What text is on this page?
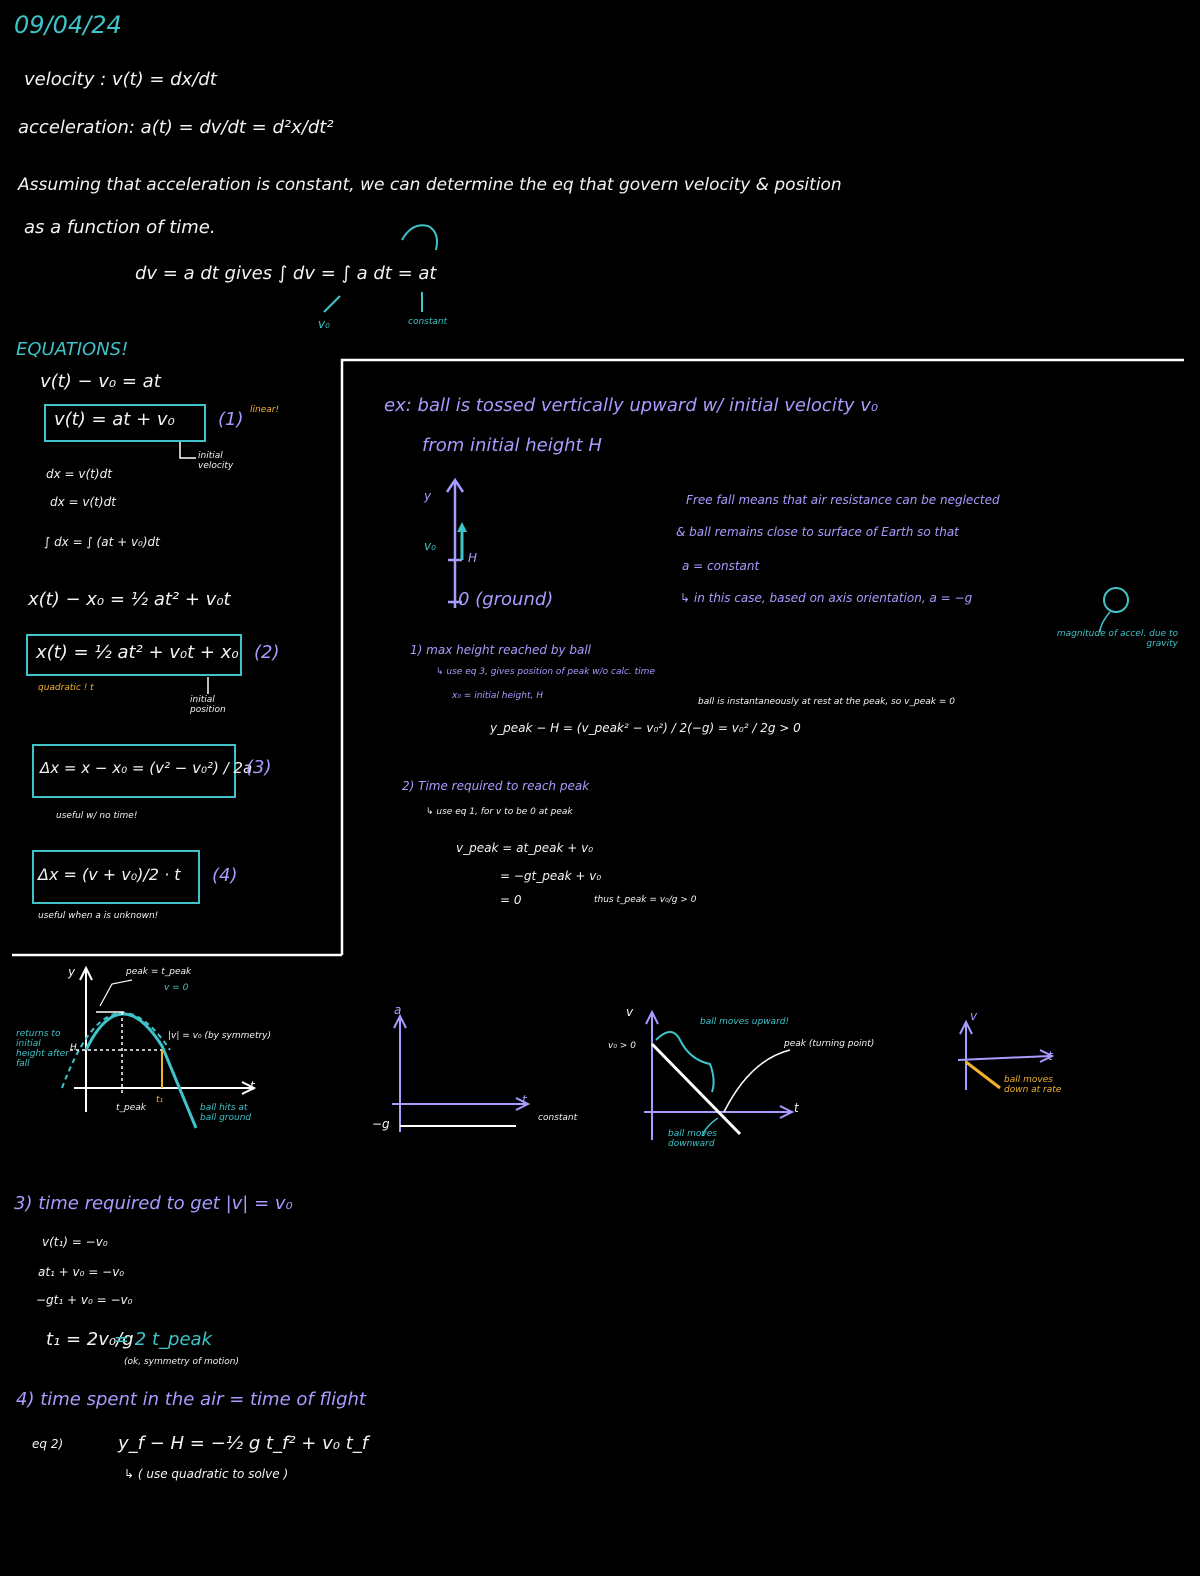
09/04/24
velocity : v(t) = dx/dt
acceleration: a(t) = dv/dt = d²x/dt²
Assuming that acceleration is constant, we can determine the eq that govern velocity & position
as a function of time.
dv = a dt gives ∫ dv = ∫ a dt = at
v₀	constant
EQUATIONS!
v(t) − v₀ = at
v(t) = at + v₀ (1) linear!
initial velocity
dx = v(t)dt
dx = v(t)dt
∫ dx = ∫ (at + v₀)dt
x(t) − x₀ = ½ at² + v₀t
x(t) = ½ at² + v₀t + x₀ (2)
quadratic ! t
initial position
Δx = x − x₀ = (v² − v₀²) / 2a
(3)
useful w/ no time!
Δx = (v + v₀)/2 · t (4)
useful when a is unknown!
ex: ball is tossed vertically upward w/ initial velocity v₀
from initial height H
y
v₀
H
0 (ground)
Free fall means that air resistance can be neglected
& ball remains close to surface of Earth so that
a = constant
↳ in this case, based on axis orientation, a = −g
magnitude of accel. due to gravity
1) max height reached by ball
↳ use eq 3, gives position of peak w/o calc. time
x₀ = initial height, H
ball is instantaneously at rest at the peak, so v_peak = 0
y_peak − H = (v_peak² − v₀²) / 2(−g) = v₀² / 2g > 0
2) Time required to reach peak
↳ use eq 1, for v to be 0 at peak
v_peak = at_peak + v₀
= −gt_peak + v₀
= 0	thus t_peak = v₀/g > 0
y
t
peak = t_peak
v = 0
returns to initial height after fall
H
|v| = v₀ (by symmetry)
t_peak
t₁
ball hits at ball ground
a
t
−g	constant
v
t
v₀ > 0
ball moves upward!
peak (turning point)
ball moves downward
v
t
ball moves down at rate
3) time required to get |v| = v₀
v(t₁) = −v₀
at₁ + v₀ = −v₀
−gt₁ + v₀ = −v₀
t₁ = 2v₀/g
= 2 t_peak
(ok, symmetry of motion)
4) time spent in the air = time of flight
eq 2)	y_f − H = −½ g t_f² + v₀ t_f
↳ ( use quadratic to solve )
